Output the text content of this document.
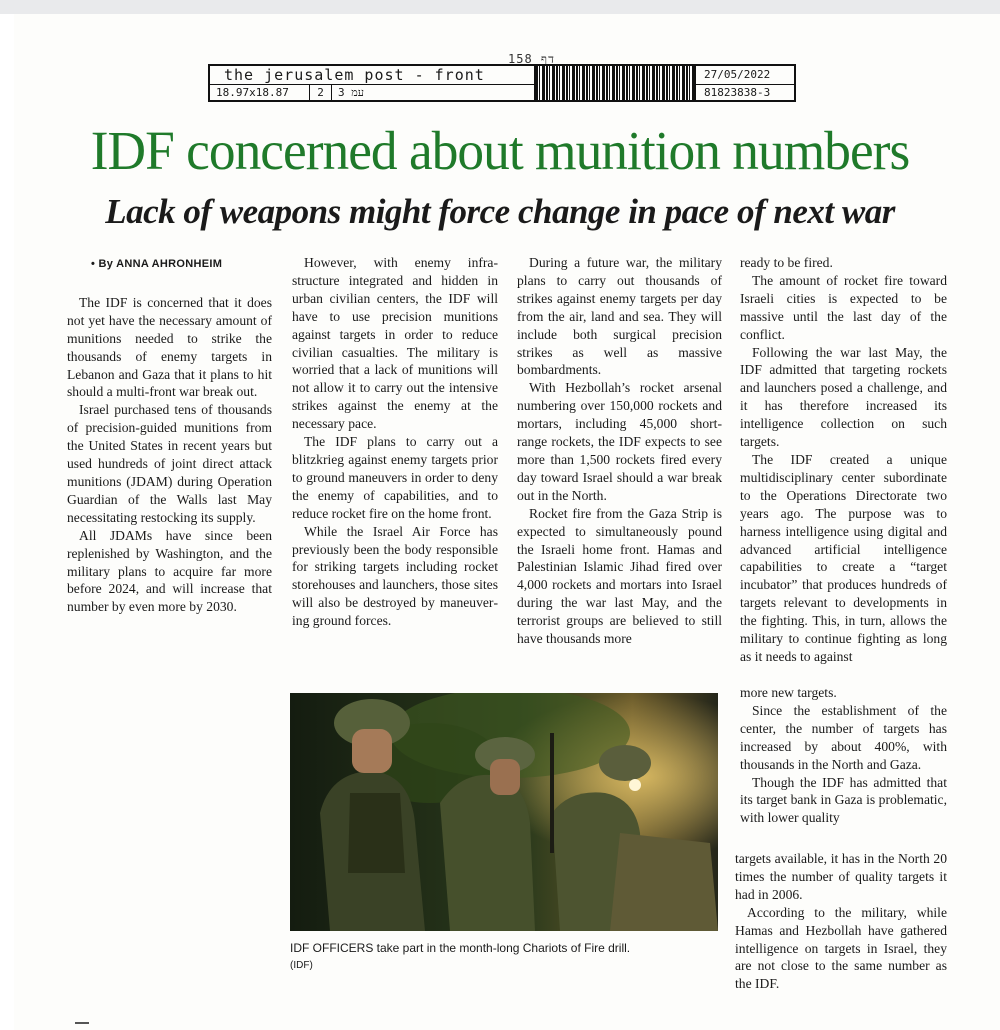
158 דף
the jerusalem post - front
18.97x18.87	2	3 עמ
27/05/2022
81823838-3
IDF concerned about munition numbers
Lack of weapons might force change in pace of next war
• By ANNA AHRONHEIM

The IDF is concerned that it does not yet have the necessary amount of munitions needed to strike the thousands of enemy targets in Lebanon and Gaza that it plans to hit should a multi-front war break out.

Israel purchased tens of thousands of precision-guided munitions from the United States in recent years but used hundreds of joint direct attack munitions (JDAM) during Operation Guardian of the Walls last May necessitating restocking its supply.

All JDAMs have since been replenished by Washington, and the military plans to acquire far more before 2024, and will increase that number by even more by 2030.

However, with enemy infrastructure integrated and hidden in urban civilian centers, the IDF will have to use precision munitions against targets in order to reduce civilian casualties. The military is worried that a lack of munitions will not allow it to carry out the intensive strikes against the enemy at the necessary pace.

The IDF plans to carry out a blitzkrieg against enemy targets prior to ground maneuvers in order to deny the enemy of capabilities, and to reduce rocket fire on the home front.

While the Israel Air Force has previously been the body responsible for striking targets including rocket storehouses and launchers, those sites will also be destroyed by maneuvering ground forces.

During a future war, the military plans to carry out thousands of strikes against enemy targets per day from the air, land and sea. They will include both surgical precision strikes as well as massive bombardments.

With Hezbollah’s rocket arsenal numbering over 150,000 rockets and mortars, including 45,000 short-range rockets, the IDF expects to see more than 1,500 rockets fired every day toward Israel should a war break out in the North.

Rocket fire from the Gaza Strip is expected to simultaneously pound the Israeli home front. Hamas and Palestinian Islamic Jihad fired over 4,000 rockets and mortars into Israel during the war last May, and the terrorist groups are believed to still have thousands more

ready to be fired.

The amount of rocket fire toward Israeli cities is expected to be massive until the last day of the conflict.

Following the war last May, the IDF admitted that targeting rockets and launchers posed a challenge, and it has therefore increased its intelligence collection on such targets.

The IDF created a unique multidisciplinary center subordinate to the Operations Directorate two years ago. The purpose was to harness intelligence using digital and advanced artificial intelligence capabilities to create a “target incubator” that produces hundreds of targets relevant to developments in the fighting. This, in turn, allows the military to continue fighting as long as it needs to against

more new targets.

Since the establishment of the center, the number of targets has increased by about 400%, with thousands in the North and Gaza.

Though the IDF has admitted that its target bank in Gaza is problematic, with lower quality

targets available, it has in the North 20 times the number of quality targets it had in 2006.

According to the military, while Hamas and Hezbollah have gathered intelligence on targets in Israel, they are not close to the same number as the IDF.

IDF OFFICERS take part in the month-long Chariots of Fire drill.
(IDF)
